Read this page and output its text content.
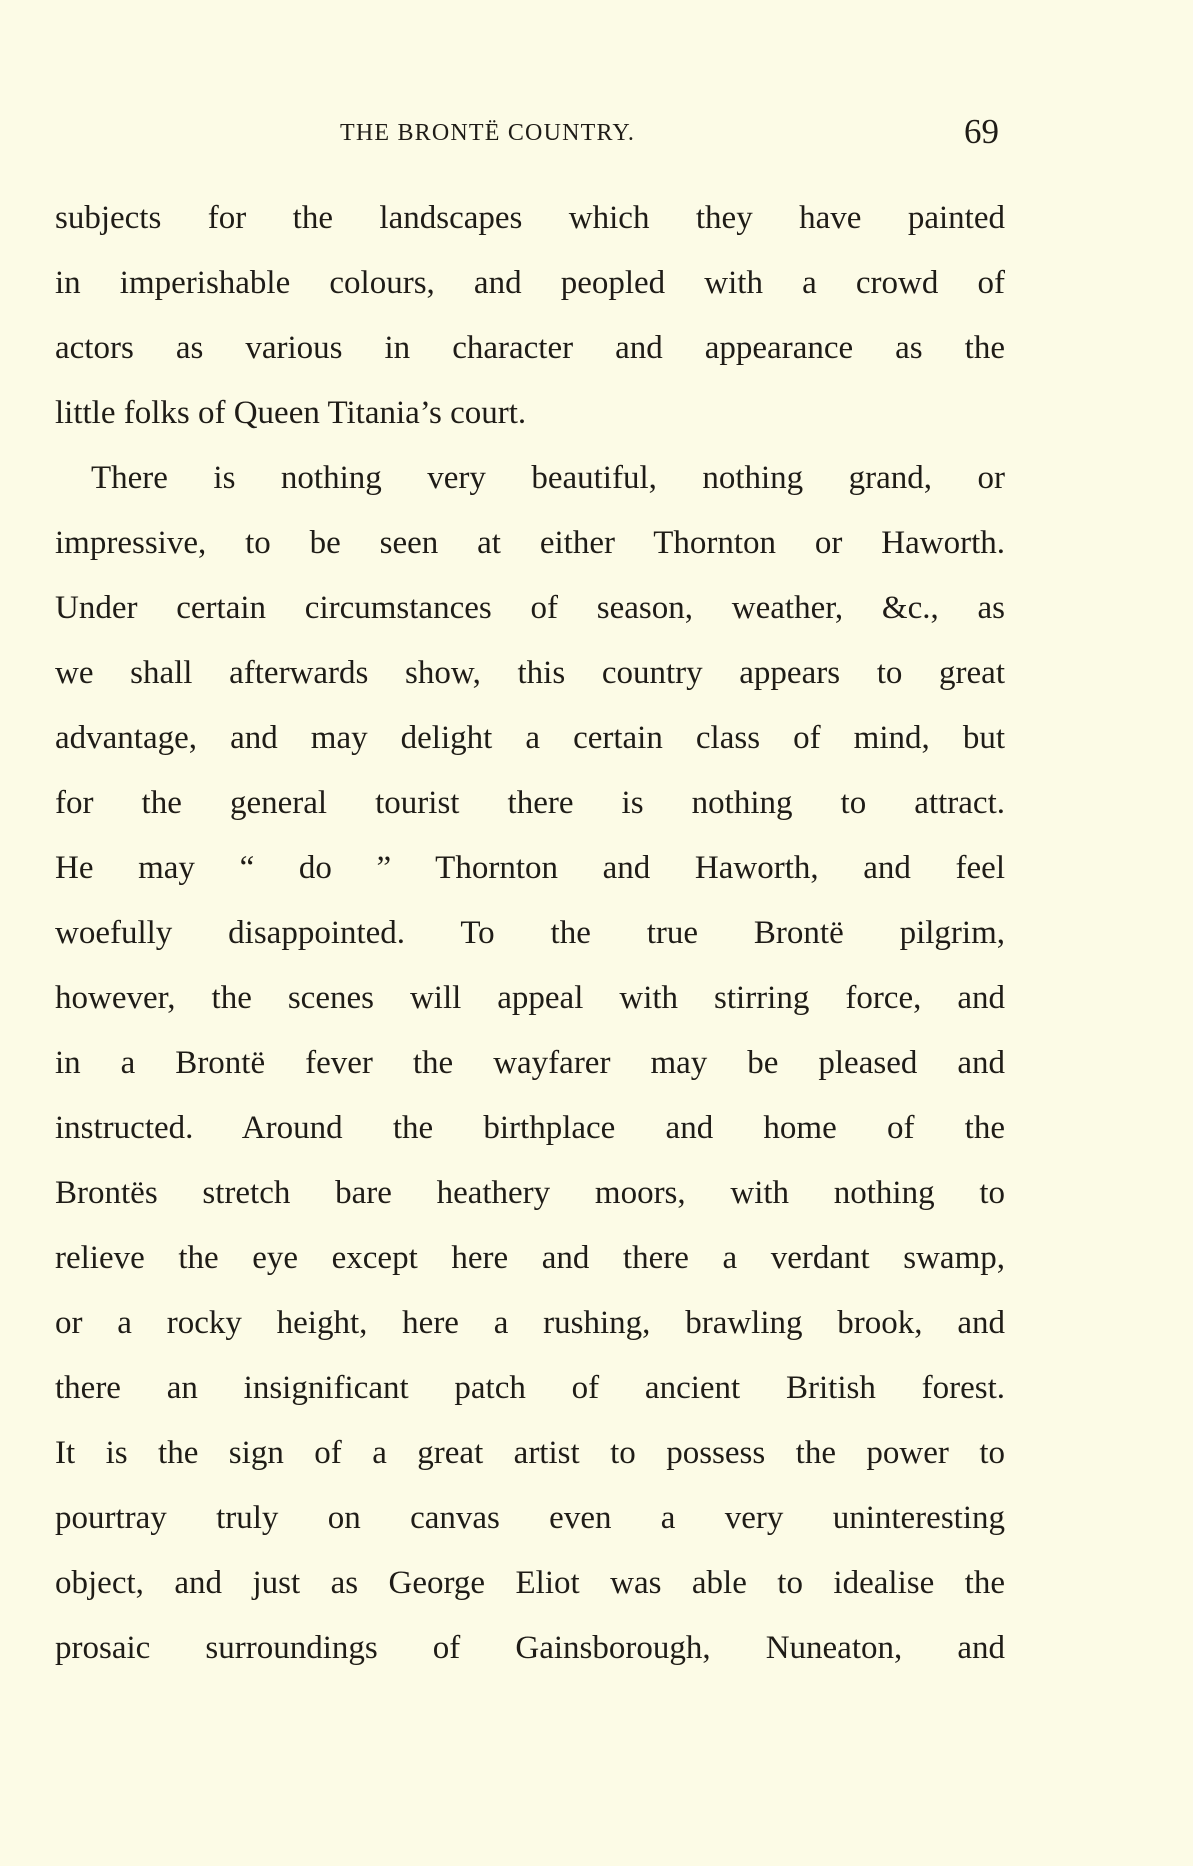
THE BRONTË COUNTRY.	69
subjects for the landscapes which they have painted
in imperishable colours, and peopled with a crowd of
actors as various in character and appearance as the
little folks of Queen Titania’s court.
There is nothing very beautiful, nothing grand, or
impressive, to be seen at either Thornton or Haworth.
Under certain circumstances of season, weather, &c., as
we shall afterwards show, this country appears to great
advantage, and may delight a certain class of mind, but
for the general tourist there is nothing to attract.
He may “ do ” Thornton and Haworth, and feel
woefully disappointed. To the true Brontë pilgrim,
however, the scenes will appeal with stirring force, and
in a Brontë fever the wayfarer may be pleased and
instructed. Around the birthplace and home of the
Brontës stretch bare heathery moors, with nothing to
relieve the eye except here and there a verdant swamp,
or a rocky height, here a rushing, brawling brook, and
there an insignificant patch of ancient British forest.
It is the sign of a great artist to possess the power to
pourtray truly on canvas even a very uninteresting
object, and just as George Eliot was able to idealise the
prosaic surroundings of Gainsborough, Nuneaton, and
